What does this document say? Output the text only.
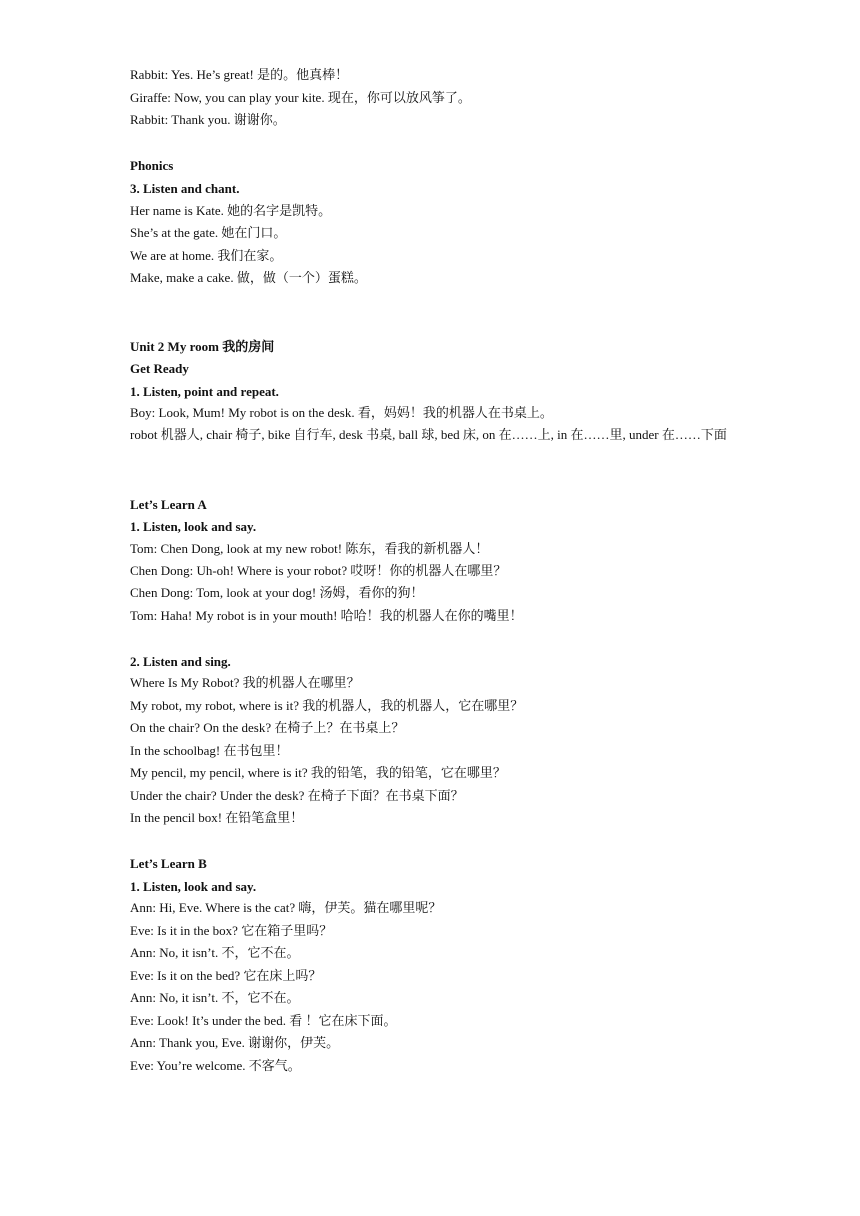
Rabbit: Yes. He’s great! 是的。他真棒！
Giraffe: Now, you can play your kite. 现在，你可以放风筝了。
Rabbit: Thank you. 谢谢你。
Phonics
3. Listen and chant.
Her name is Kate. 她的名字是凯特。
She’s at the gate. 她在门口。
We are at home. 我们在家。
Make, make a cake. 做，做（一个）蛋糕。
Unit 2 My room 我的房间
Get Ready
1. Listen, point and repeat.
Boy: Look, Mum! My robot is on the desk. 看，妈妈！我的机器人在书桌上。
robot 机器人, chair 椅子, bike 自行车, desk 书桌, ball 球, bed 床, on 在……上, in 在……里, under 在……下面
Let’s Learn A
1. Listen, look and say.
Tom: Chen Dong, look at my new robot! 陈东，看我的新机器人！
Chen Dong: Uh-oh! Where is your robot? 哎呀！你的机器人在哪里？
Chen Dong: Tom, look at your dog! 汤姆，看你的狗！
Tom: Haha! My robot is in your mouth! 哈哈！我的机器人在你的嘴里！
2. Listen and sing.
Where Is My Robot? 我的机器人在哪里？
My robot, my robot, where is it? 我的机器人，我的机器人，它在哪里？
On the chair? On the desk? 在椅子上？在书桌上？
In the schoolbag! 在书包里！
My pencil, my pencil, where is it? 我的铅笔，我的铅笔，它在哪里？
Under the chair? Under the desk? 在椅子下面？在书桌下面？
In the pencil box! 在铅笔盒里！
Let’s Learn B
1. Listen, look and say.
Ann: Hi, Eve. Where is the cat? 嗨，伊芙。猫在哪里呢？
Eve: Is it in the box? 它在箱子里吗？
Ann: No, it isn’t. 不，它不在。
Eve: Is it on the bed? 它在床上吗？
Ann: No, it isn’t. 不，它不在。
Eve: Look! It’s under the bed. 看 ！它在床下面。
Ann: Thank you, Eve. 谢谢你，伊芙。
Eve: You’re welcome. 不客气。
